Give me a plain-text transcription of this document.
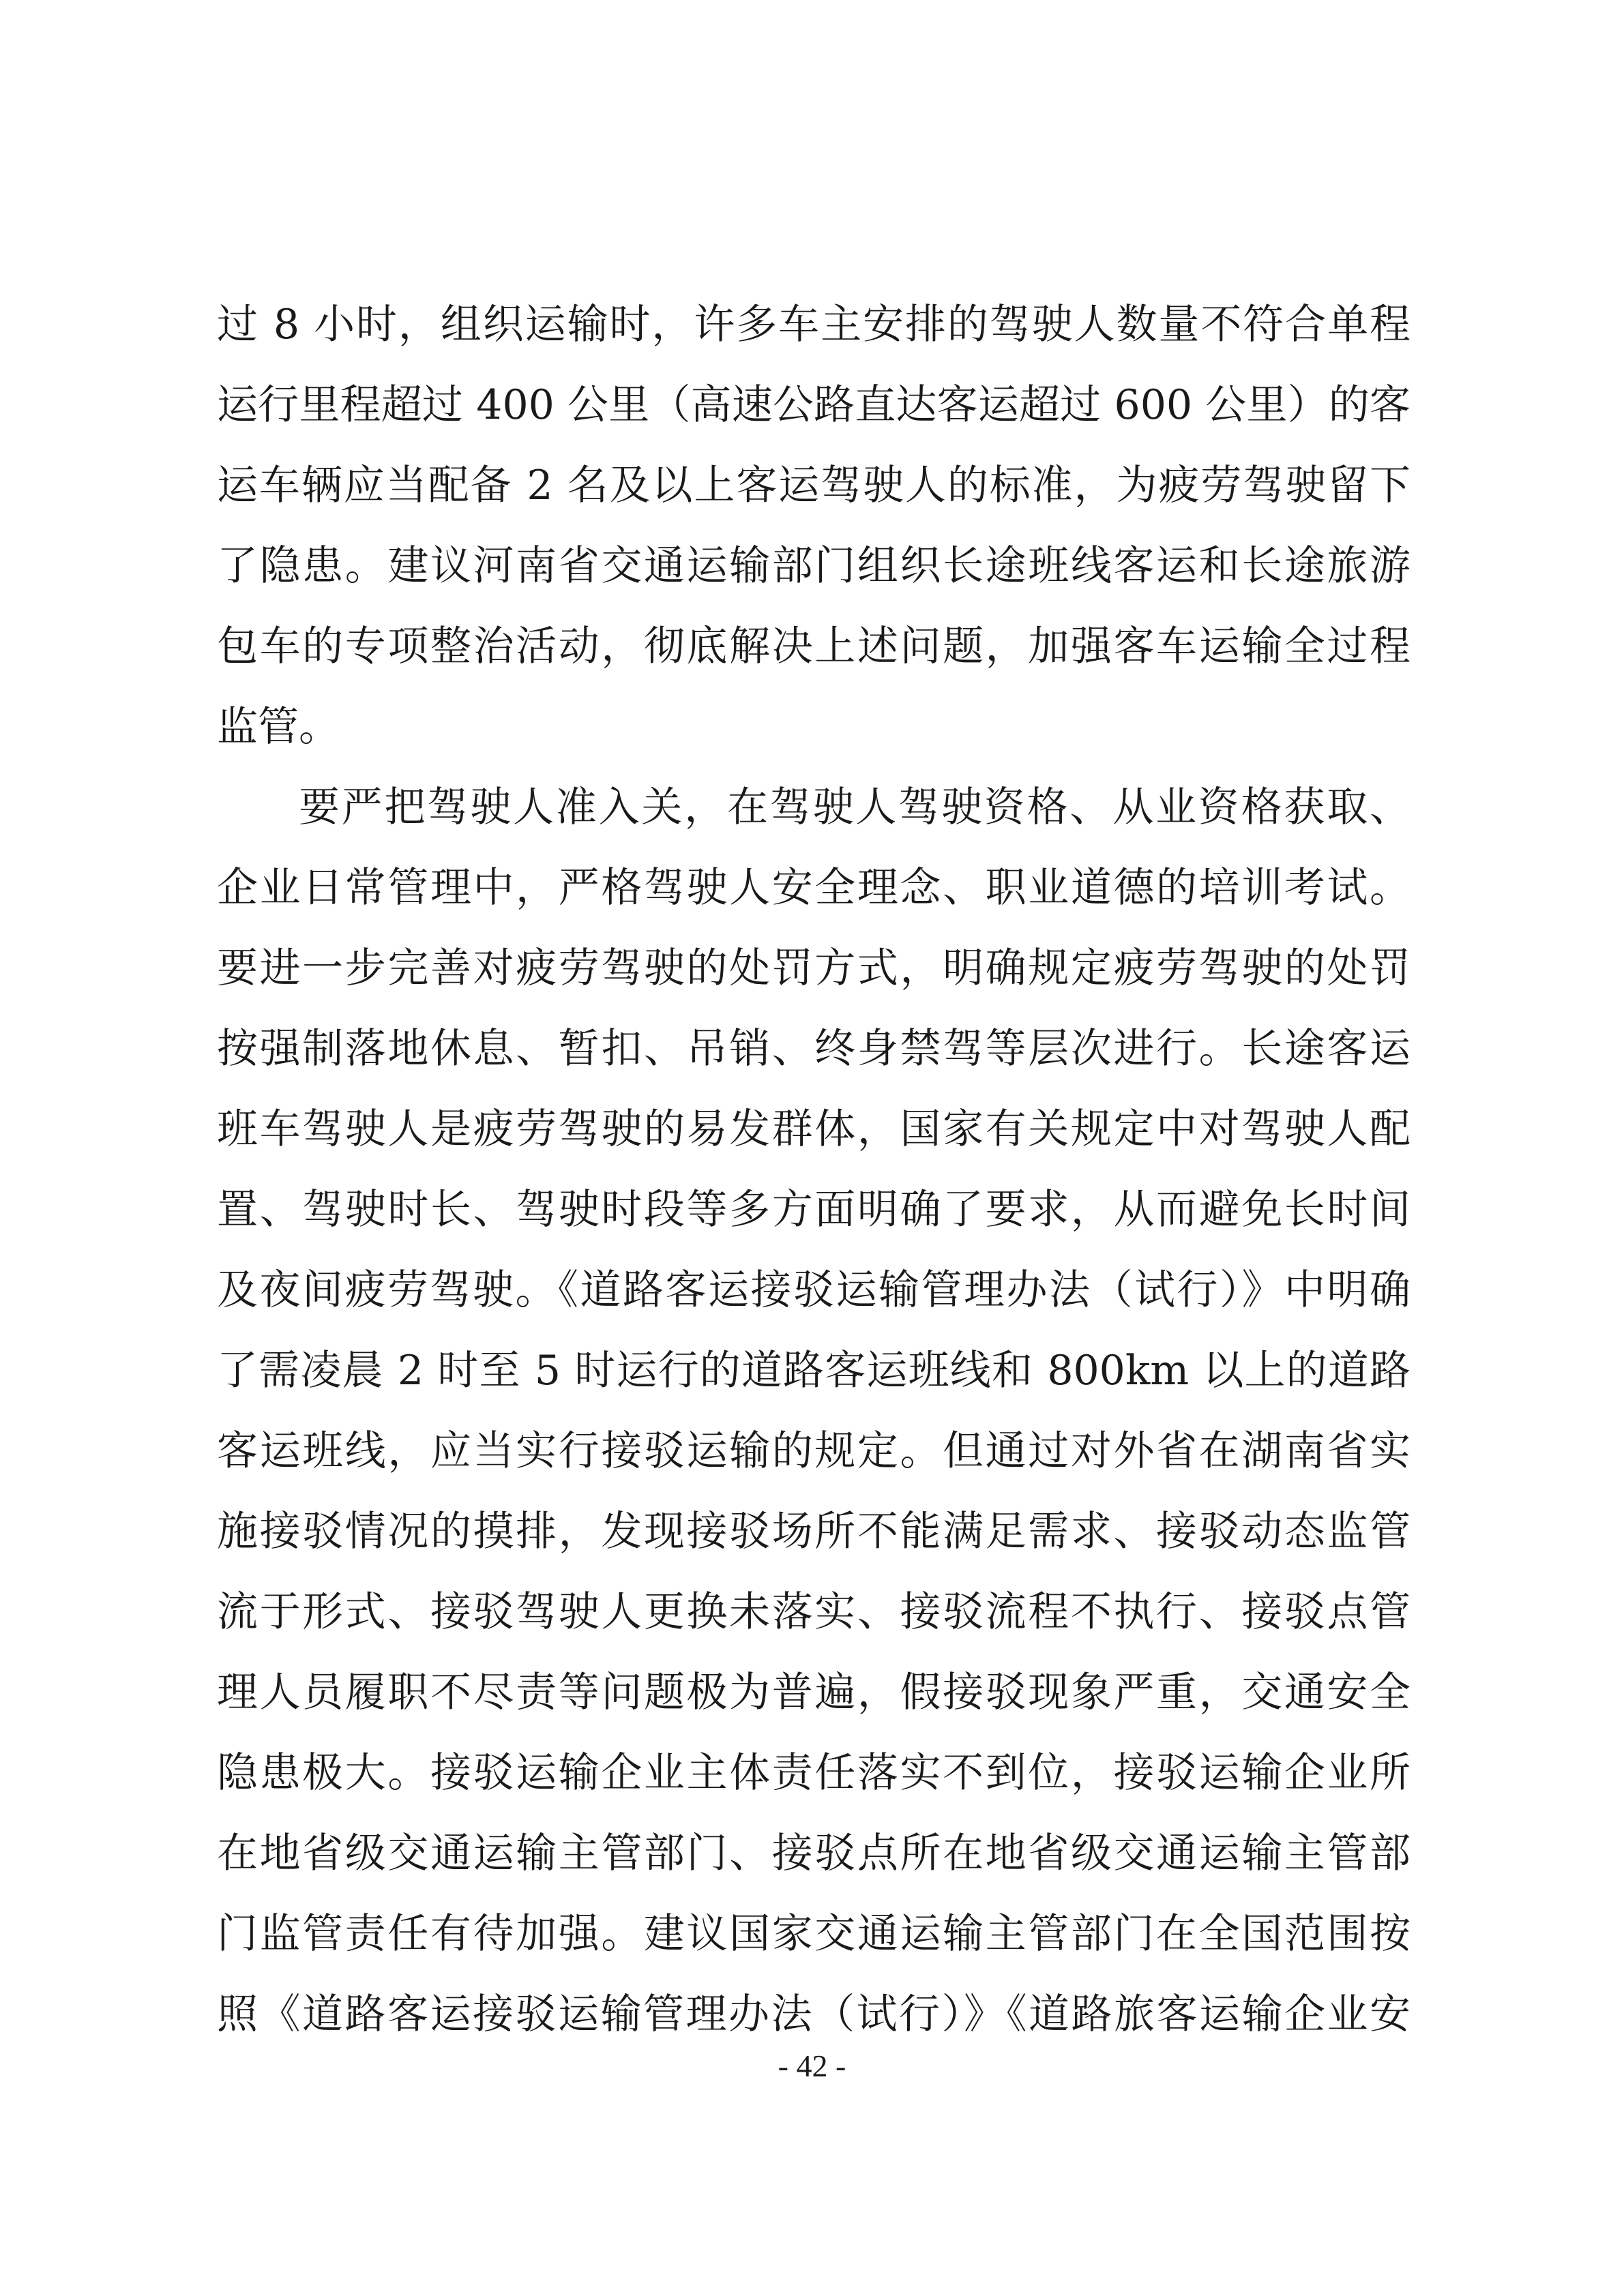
过 8 小时，组织运输时，许多车主安排的驾驶人数量不符合单程
运行里程超过 400 公里（高速公路直达客运超过 600 公里）的客
运车辆应当配备 2 名及以上客运驾驶人的标准，为疲劳驾驶留下
了隐患。建议河南省交通运输部门组织长途班线客运和长途旅游
包车的专项整治活动，彻底解决上述问题，加强客车运输全过程
监管。
要严把驾驶人准入关，在驾驶人驾驶资格、从业资格获取、
企业日常管理中，严格驾驶人安全理念、职业道德的培训考试。
要进一步完善对疲劳驾驶的处罚方式，明确规定疲劳驾驶的处罚
按强制落地休息、暂扣、吊销、终身禁驾等层次进行。长途客运
班车驾驶人是疲劳驾驶的易发群体，国家有关规定中对驾驶人配
置、驾驶时长、驾驶时段等多方面明确了要求，从而避免长时间
及夜间疲劳驾驶。《道路客运接驳运输管理办法（试行）》中明确
了需凌晨 2 时至 5 时运行的道路客运班线和 800km 以上的道路
客运班线，应当实行接驳运输的规定。但通过对外省在湖南省实
施接驳情况的摸排，发现接驳场所不能满足需求、接驳动态监管
流于形式、接驳驾驶人更换未落实、接驳流程不执行、接驳点管
理人员履职不尽责等问题极为普遍，假接驳现象严重，交通安全
隐患极大。接驳运输企业主体责任落实不到位，接驳运输企业所
在地省级交通运输主管部门、接驳点所在地省级交通运输主管部
门监管责任有待加强。建议国家交通运输主管部门在全国范围按
照《道路客运接驳运输管理办法（试行）》《道路旅客运输企业安
- 42 -
